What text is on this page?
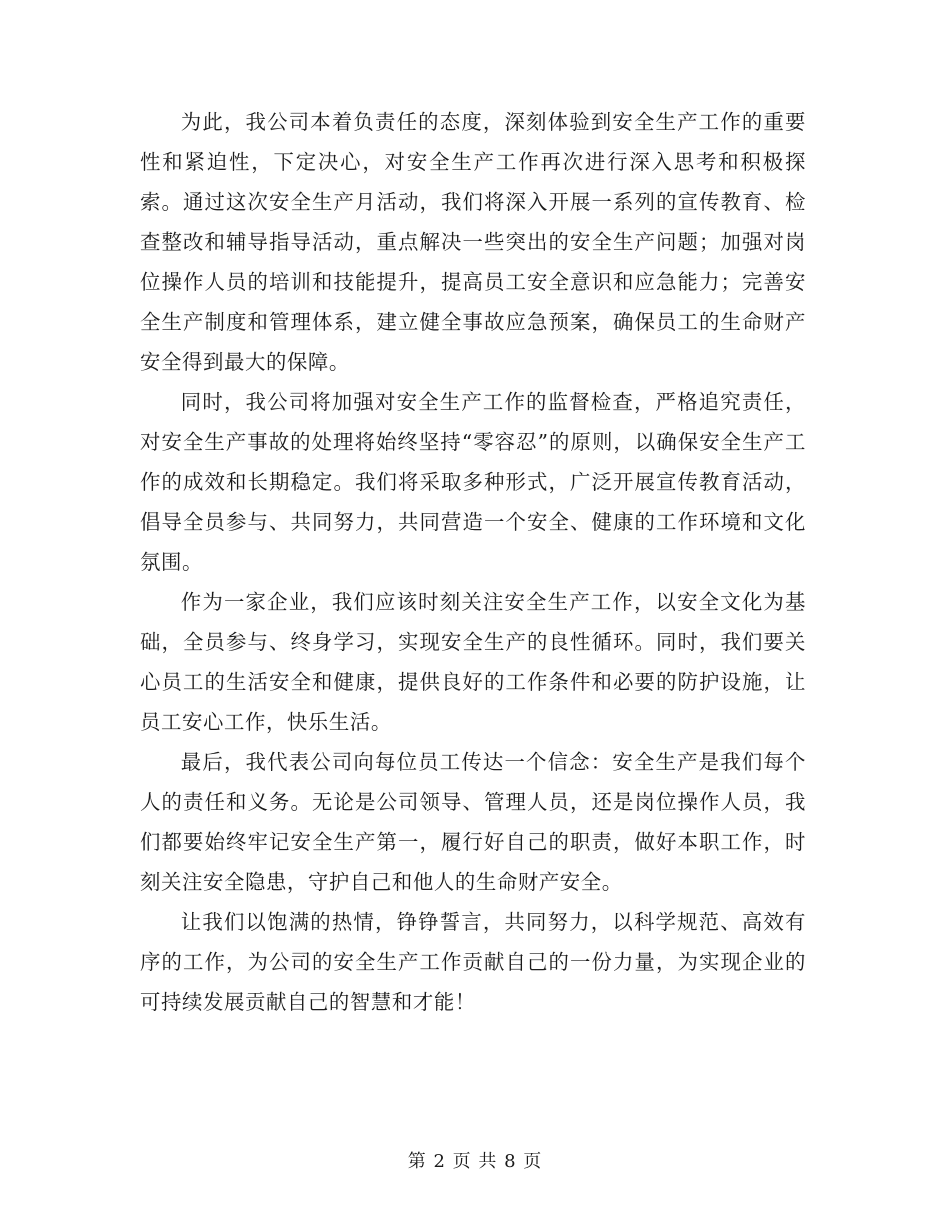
为此，我公司本着负责任的态度，深刻体验到安全生产工作的重要性和紧迫性，下定决心，对安全生产工作再次进行深入思考和积极探索。通过这次安全生产月活动，我们将深入开展一系列的宣传教育、检查整改和辅导指导活动，重点解决一些突出的安全生产问题；加强对岗位操作人员的培训和技能提升，提高员工安全意识和应急能力；完善安全生产制度和管理体系，建立健全事故应急预案，确保员工的生命财产安全得到最大的保障。

同时，我公司将加强对安全生产工作的监督检查，严格追究责任，对安全生产事故的处理将始终坚持“零容忍”的原则，以确保安全生产工作的成效和长期稳定。我们将采取多种形式，广泛开展宣传教育活动，倡导全员参与、共同努力，共同营造一个安全、健康的工作环境和文化氛围。

作为一家企业，我们应该时刻关注安全生产工作，以安全文化为基础，全员参与、终身学习，实现安全生产的良性循环。同时，我们要关心员工的生活安全和健康，提供良好的工作条件和必要的防护设施，让员工安心工作，快乐生活。

最后，我代表公司向每位员工传达一个信念：安全生产是我们每个人的责任和义务。无论是公司领导、管理人员，还是岗位操作人员，我们都要始终牢记安全生产第一，履行好自己的职责，做好本职工作，时刻关注安全隐患，守护自己和他人的生命财产安全。

让我们以饱满的热情，铮铮誓言，共同努力，以科学规范、高效有序的工作，为公司的安全生产工作贡献自己的一份力量，为实现企业的可持续发展贡献自己的智慧和才能！

第 2 页 共 8 页
